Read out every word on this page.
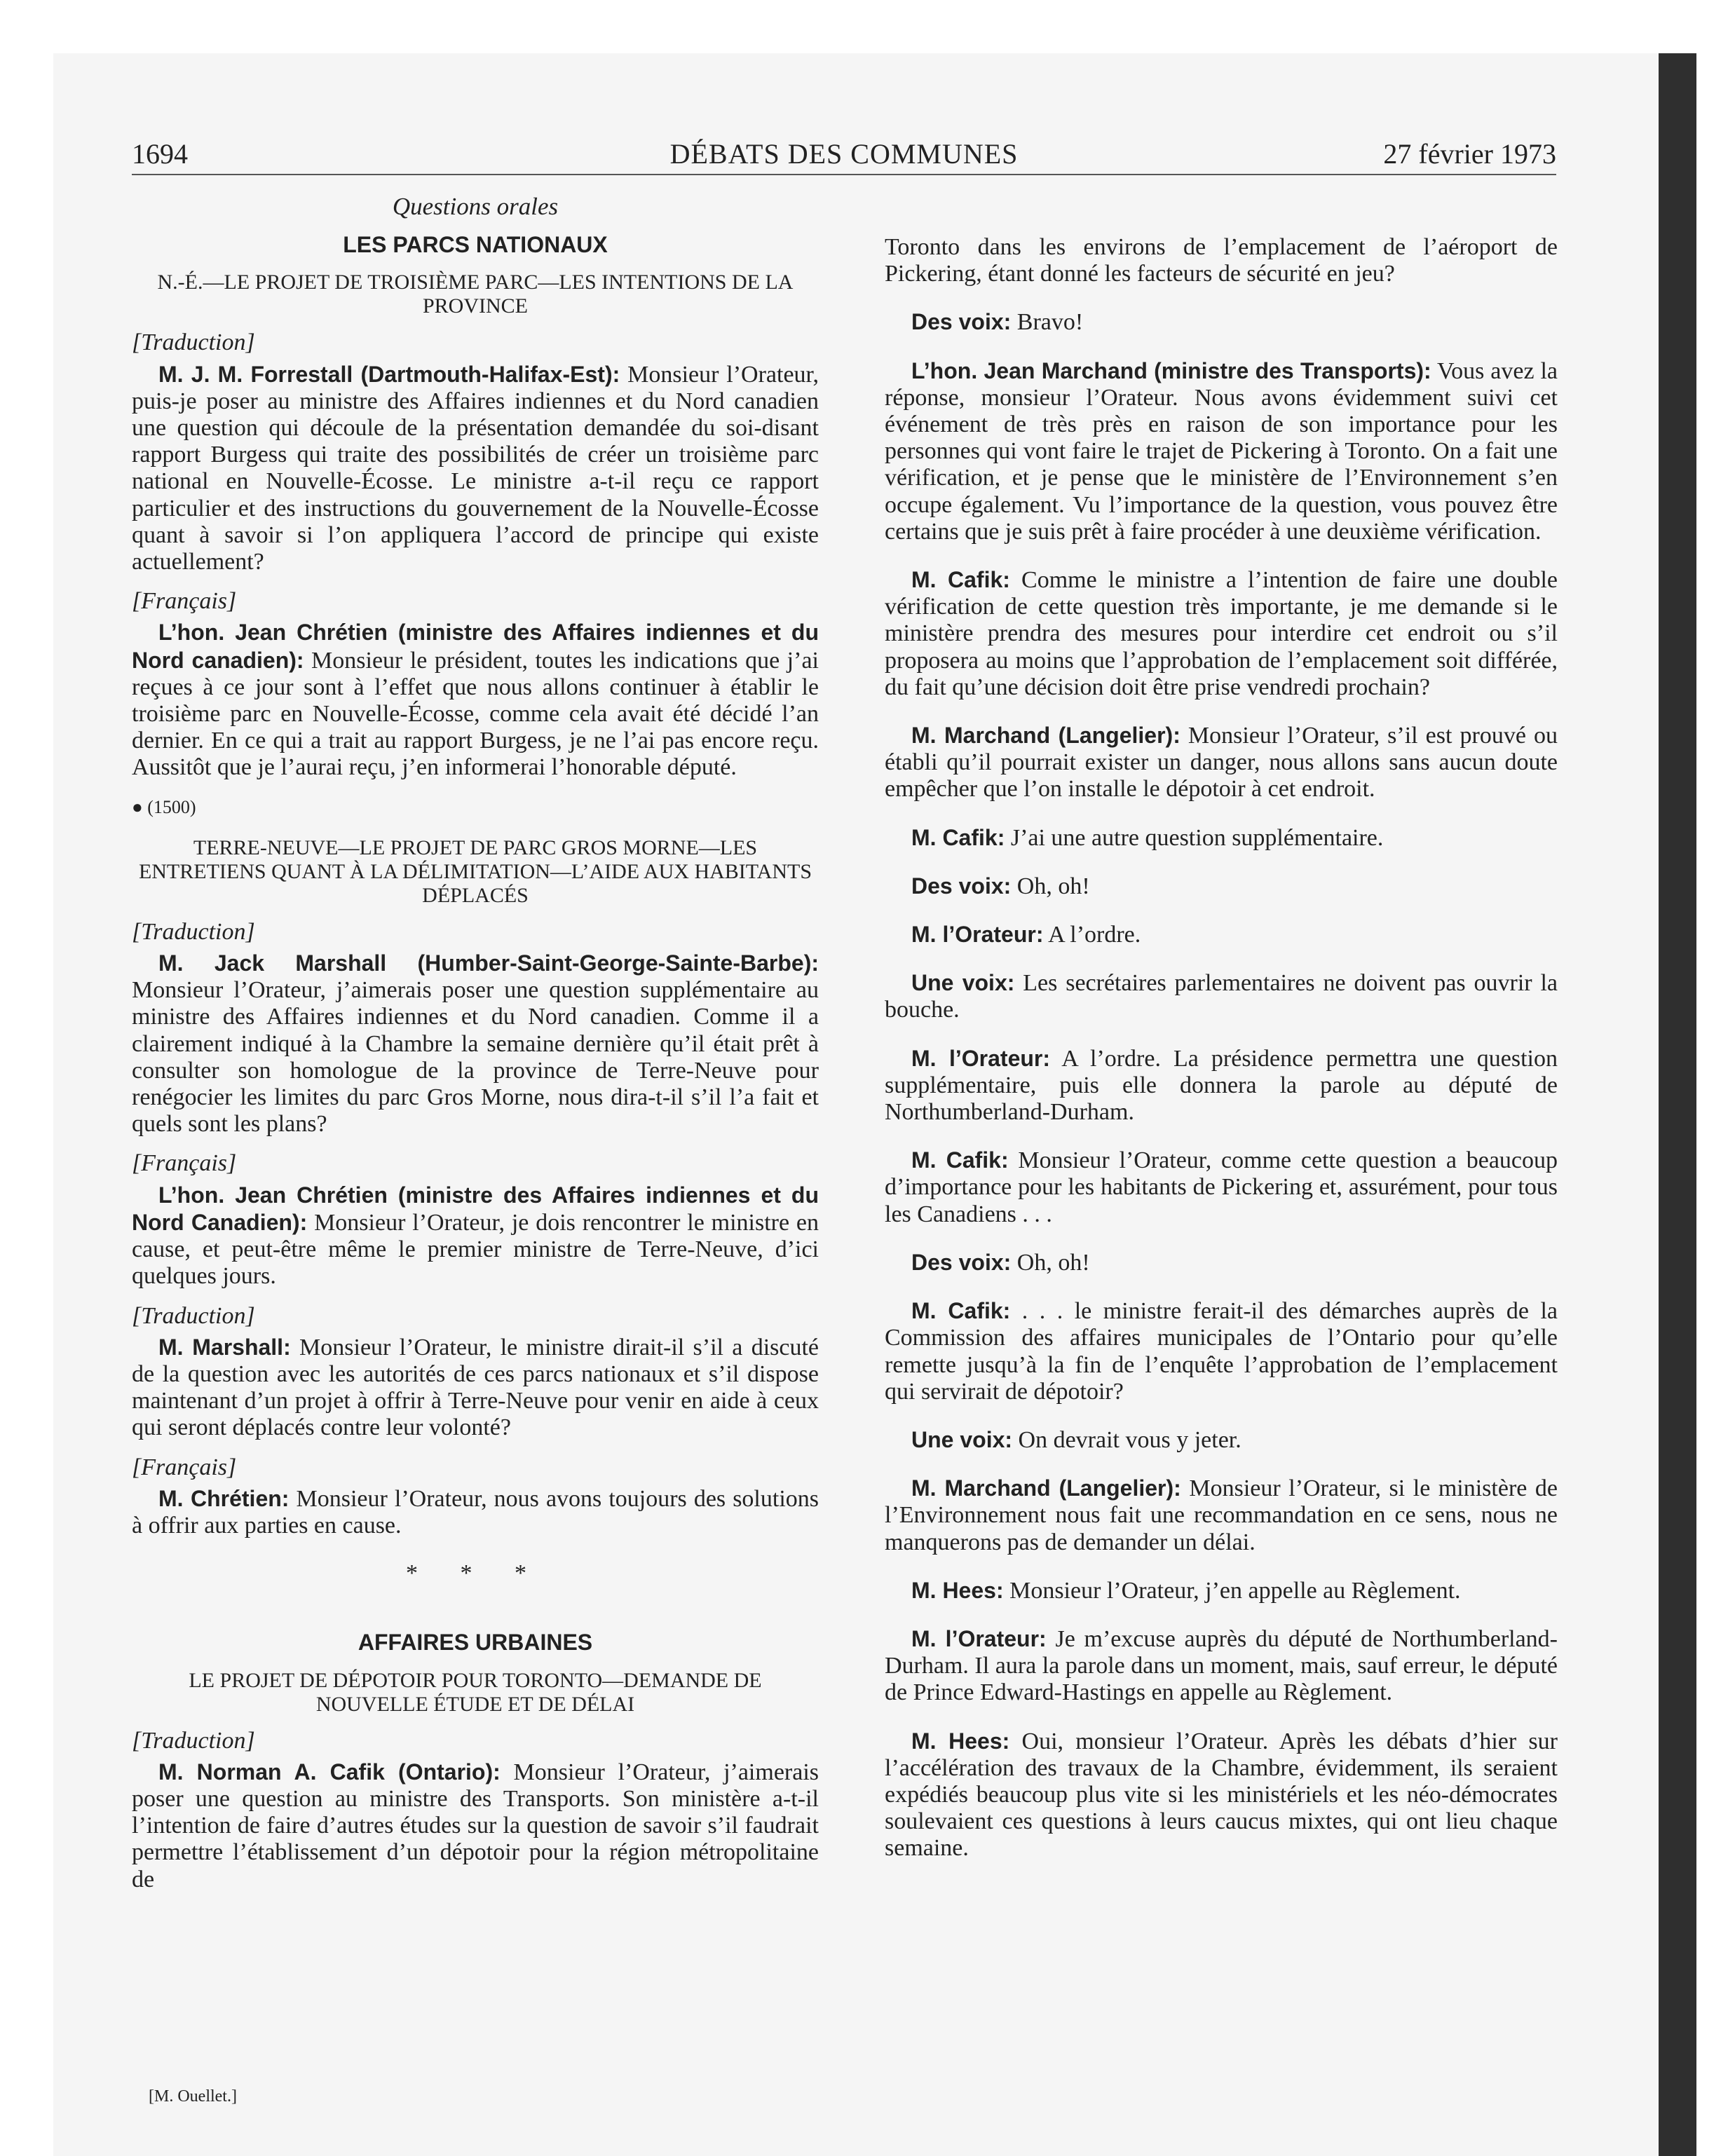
1694	DÉBATS DES COMMUNES	27 février 1973
Questions orales
LES PARCS NATIONAUX
N.-É.—LE PROJET DE TROISIÈME PARC—LES INTENTIONS DE LA PROVINCE
[Traduction]

M. J. M. Forrestall (Dartmouth-Halifax-Est): Monsieur l’Orateur, puis-je poser au ministre des Affaires indiennes et du Nord canadien une question qui découle de la présentation demandée du soi-disant rapport Burgess qui traite des possibilités de créer un troisième parc national en Nouvelle-Écosse. Le ministre a-t-il reçu ce rapport particulier et des instructions du gouvernement de la Nouvelle-Écosse quant à savoir si l’on appliquera l’accord de principe qui existe actuellement?

[Français]

L’hon. Jean Chrétien (ministre des Affaires indiennes et du Nord canadien): Monsieur le président, toutes les indications que j’ai reçues à ce jour sont à l’effet que nous allons continuer à établir le troisième parc en Nouvelle-Écosse, comme cela avait été décidé l’an dernier. En ce qui a trait au rapport Burgess, je ne l’ai pas encore reçu. Aussitôt que je l’aurai reçu, j’en informerai l’honorable député.

● (1500)
TERRE-NEUVE—LE PROJET DE PARC GROS MORNE—LES ENTRETIENS QUANT À LA DÉLIMITATION—L’AIDE AUX HABITANTS DÉPLACÉS
[Traduction]

M. Jack Marshall (Humber-Saint-George-Sainte-Barbe): Monsieur l’Orateur, j’aimerais poser une question supplémentaire au ministre des Affaires indiennes et du Nord canadien. Comme il a clairement indiqué à la Chambre la semaine dernière qu’il était prêt à consulter son homologue de la province de Terre-Neuve pour renégocier les limites du parc Gros Morne, nous dira-t-il s’il l’a fait et quels sont les plans?

[Français]

L’hon. Jean Chrétien (ministre des Affaires indiennes et du Nord Canadien): Monsieur l’Orateur, je dois rencontrer le ministre en cause, et peut-être même le premier ministre de Terre-Neuve, d’ici quelques jours.

[Traduction]

M. Marshall: Monsieur l’Orateur, le ministre dirait-il s’il a discuté de la question avec les autorités de ces parcs nationaux et s’il dispose maintenant d’un projet à offrir à Terre-Neuve pour venir en aide à ceux qui seront déplacés contre leur volonté?

[Français]

M. Chrétien: Monsieur l’Orateur, nous avons toujours des solutions à offrir aux parties en cause.

* * *
AFFAIRES URBAINES
LE PROJET DE DÉPOTOIR POUR TORONTO—DEMANDE DE NOUVELLE ÉTUDE ET DE DÉLAI
[Traduction]

M. Norman A. Cafik (Ontario): Monsieur l’Orateur, j’aimerais poser une question au ministre des Transports. Son ministère a-t-il l’intention de faire d’autres études sur la question de savoir s’il faudrait permettre l’établissement d’un dépotoir pour la région métropolitaine de

[M. Ouellet.]

Toronto dans les environs de l’emplacement de l’aéroport de Pickering, étant donné les facteurs de sécurité en jeu?

Des voix: Bravo!

L’hon. Jean Marchand (ministre des Transports): Vous avez la réponse, monsieur l’Orateur. Nous avons évidemment suivi cet événement de très près en raison de son importance pour les personnes qui vont faire le trajet de Pickering à Toronto. On a fait une vérification, et je pense que le ministère de l’Environnement s’en occupe également. Vu l’importance de la question, vous pouvez être certains que je suis prêt à faire procéder à une deuxième vérification.

M. Cafik: Comme le ministre a l’intention de faire une double vérification de cette question très importante, je me demande si le ministère prendra des mesures pour interdire cet endroit ou s’il proposera au moins que l’approbation de l’emplacement soit différée, du fait qu’une décision doit être prise vendredi prochain?

M. Marchand (Langelier): Monsieur l’Orateur, s’il est prouvé ou établi qu’il pourrait exister un danger, nous allons sans aucun doute empêcher que l’on installe le dépotoir à cet endroit.

M. Cafik: J’ai une autre question supplémentaire.

Des voix: Oh, oh!

M. l’Orateur: A l’ordre.

Une voix: Les secrétaires parlementaires ne doivent pas ouvrir la bouche.

M. l’Orateur: A l’ordre. La présidence permettra une question supplémentaire, puis elle donnera la parole au député de Northumberland-Durham.

M. Cafik: Monsieur l’Orateur, comme cette question a beaucoup d’importance pour les habitants de Pickering et, assurément, pour tous les Canadiens . . .

Des voix: Oh, oh!

M. Cafik: . . . le ministre ferait-il des démarches auprès de la Commission des affaires municipales de l’Ontario pour qu’elle remette jusqu’à la fin de l’enquête l’approbation de l’emplacement qui servirait de dépotoir?

Une voix: On devrait vous y jeter.

M. Marchand (Langelier): Monsieur l’Orateur, si le ministère de l’Environnement nous fait une recommandation en ce sens, nous ne manquerons pas de demander un délai.

M. Hees: Monsieur l’Orateur, j’en appelle au Règlement.

M. l’Orateur: Je m’excuse auprès du député de Northumberland-Durham. Il aura la parole dans un moment, mais, sauf erreur, le député de Prince Edward-Hastings en appelle au Règlement.

M. Hees: Oui, monsieur l’Orateur. Après les débats d’hier sur l’accélération des travaux de la Chambre, évidemment, ils seraient expédiés beaucoup plus vite si les ministériels et les néo-démocrates soulevaient ces questions à leurs caucus mixtes, qui ont lieu chaque semaine.
